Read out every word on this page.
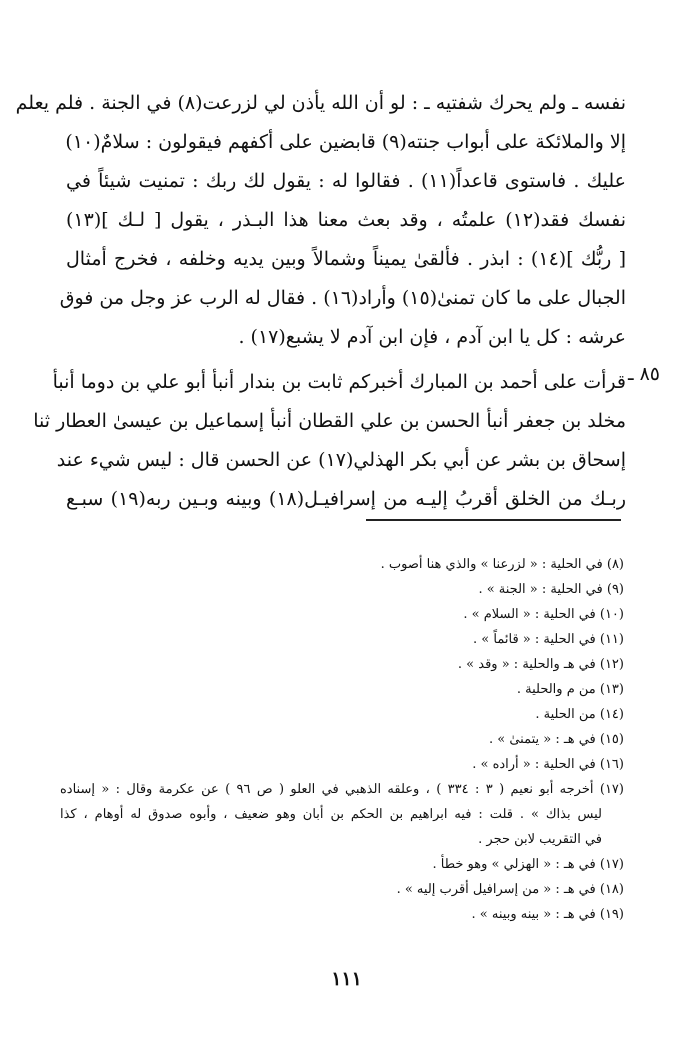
نفسه ـ ولم يحرك شفتيه ـ : لو أن الله يأذن لي لزرعت(٨) في الجنة . فلم يعلم
إلا والملائكة على أبواب جنته(٩) قابضين على أكفهم فيقولون : سلامٌ(١٠)
عليك . فاستوى قاعداً(١١) . فقالوا له : يقول لك ربك : تمنيت شيئاً في
نفسك فقد(١٢) علمتُه ، وقد بعث معنا هذا البـذر ، يقول [ لـك ](١٣)
[ ربُّك ](١٤) : ابذر . فألقىٰ يميناً وشمالاً وبين يديه وخلفه ، فخرج أمثال
الجبال على ما كان تمنىٰ(١٥) وأراد(١٦) . فقال له الرب عز وجل من فوق
عرشه : كل يا ابن آدم ، فإن ابن آدم لا يشبع(١٧) .
٨٥ ـ
قرأت على أحمد بن المبارك أخبركم ثابت بن بندار أنبأ أبو علي بن دوما أنبأ
مخلد بن جعفر أنبأ الحسن بن علي القطان أنبأ إسماعيل بن عيسىٰ العطار ثنا
إسحاق بن بشر عن أبي بكر الهذلي(١٧) عن الحسن قال : ليس شيء عند
ربـك من الخلق أقربُ إليـه من إسرافيـل(١٨) وبينه وبـين ربه(١٩) سبـع
(٨) في الحلية : « لزرعنا » والذي هنا أصوب .
(٩) في الحلية : « الجنة » .
(١٠) في الحلية : « السلام » .
(١١) في الحلية : « قائماً » .
(١٢) في هـ والحلية : « وقد » .
(١٣) من م والحلية .
(١٤) من الحلية .
(١٥) في هـ : « يتمنىٰ » .
(١٦) في الحلية : « أراده » .
(١٧) أخرجه أبو نعيم ( ٣ : ٣٣٤ ) ، وعلقه الذهبي في العلو ( ص ٩٦ ) عن عكرمة وقال : « إسناده
ليس بذاك » . قلت : فيه ابراهيم بن الحكم بن أبان وهو ضعيف ، وأبوه صدوق له أوهام ، كذا
في التقريب لابن حجر .
(١٧) في هـ : « الهزلي » وهو خطأ .
(١٨) في هـ : « من إسرافيل أقرب إليه » .
(١٩) في هـ : « بينه وبينه » .
١١١
